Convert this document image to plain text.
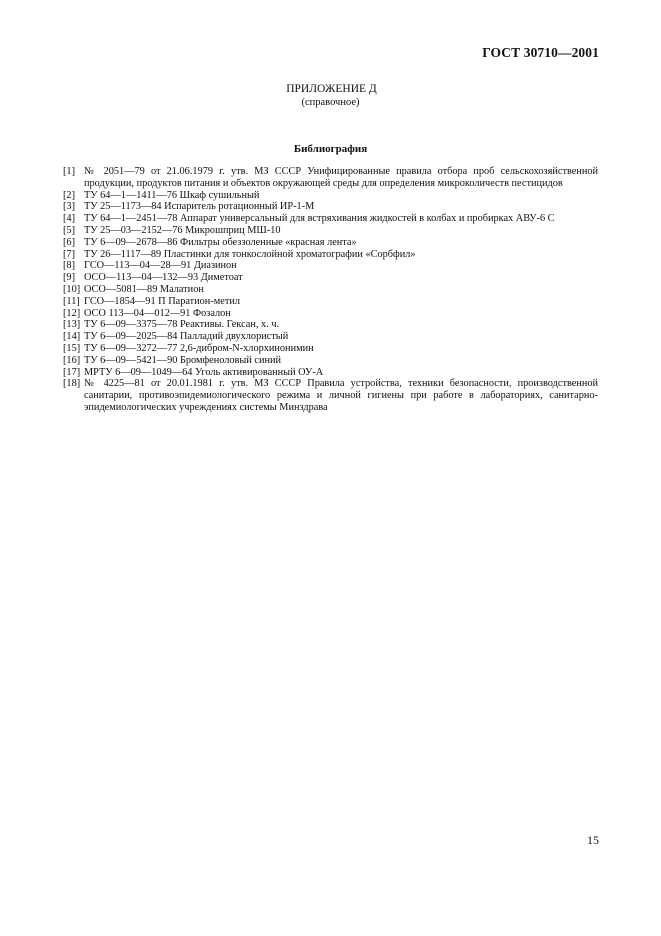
ГОСТ 30710—2001
ПРИЛОЖЕНИЕ Д
(справочное)
Библиография
[1] № 2051—79 от 21.06.1979 г. утв. МЗ СССР Унифицированные правила отбора проб сельскохозяйственной продукции, продуктов питания и объектов окружающей среды для определения микроколичеств пестицидов
[2] ТУ 64—1—1411—76 Шкаф сушильный
[3] ТУ 25—1173—84 Испаритель ротационный ИР-1-М
[4] ТУ 64—1—2451—78 Аппарат универсальный для встряхивания жидкостей в колбах и пробирках АВУ-6 С
[5] ТУ 25—03—2152—76 Микрошприц МШ-10
[6] ТУ 6—09—2678—86 Фильтры обеззоленные «красная лента»
[7] ТУ 26—1117—89 Пластинки для тонкослойной хроматографии «Сорбфил»
[8] ГСО—113—04—28—91 Диазинон
[9] ОСО—113—04—132—93 Диметоат
[10] ОСО—5081—89 Малатион
[11] ГСО—1854—91 П Паратион-метил
[12] ОСО 113—04—012—91 Фозалон
[13] ТУ 6—09—3375—78 Реактивы. Гексан, х. ч.
[14] ТУ 6—09—2025—84 Палладий двухлористый
[15] ТУ 6—09—3272—77 2,6-дибром-N-хлорхинонимин
[16] ТУ 6—09—5421—90 Бромфеноловый синий
[17] МРТУ 6—09—1049—64 Уголь активированный ОУ-А
[18] № 4225—81 от 20.01.1981 г. утв. МЗ СССР Правила устройства, техники безопасности, производственной санитарии, противоэпидемиологического режима и личной гигиены при работе в лабораториях, санитарно-эпидемиологических учреждениях системы Минздрава
15
